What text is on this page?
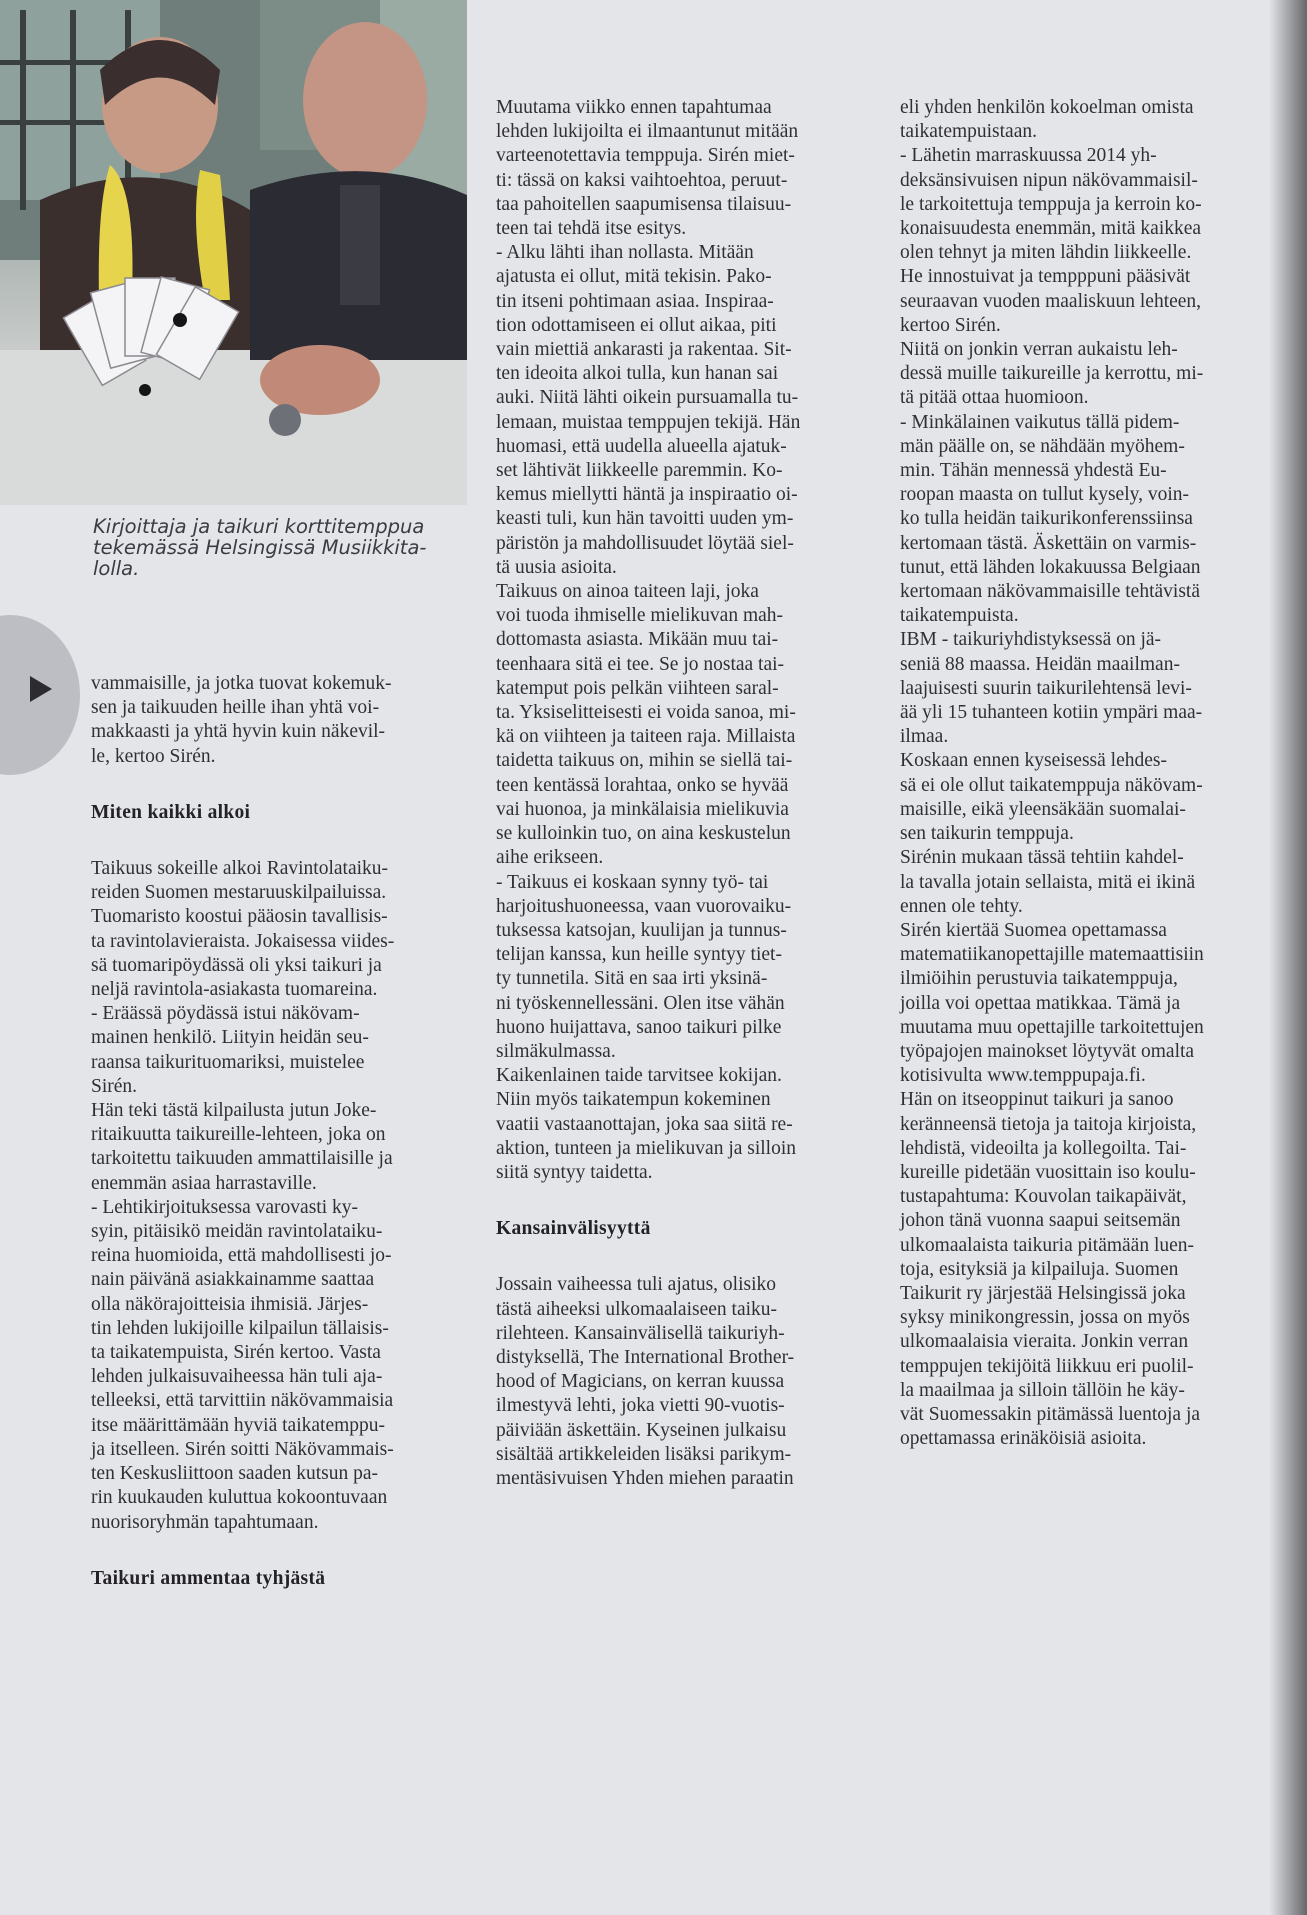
Kirjoittaja ja taikuri korttitemppua
tekemässä Helsingissä Musiikkita-
lolla.

vammaisille, ja jotka tuovat kokemuk-
sen ja taikuuden heille ihan yhtä voi-
makkaasti ja yhtä hyvin kuin näkevil-
le, kertoo Sirén.

Miten kaikki alkoi

Taikuus sokeille alkoi Ravintolataiku-
reiden Suomen mestaruuskilpailuissa.
Tuomaristo koostui pääosin tavallisis-
ta ravintolavieraista. Jokaisessa viides-
sä tuomaripöydässä oli yksi taikuri ja
neljä ravintola-asiakasta tuomareina.
- Eräässä pöydässä istui näkövam-
mainen henkilö. Liityin heidän seu-
raansa taikurituomariksi, muistelee
Sirén.
Hän teki tästä kilpailusta jutun Joke-
ritaikuutta taikureille-lehteen, joka on
tarkoitettu taikuuden ammattilaisille ja
enemmän asiaa harrastaville.
- Lehtikirjoituksessa varovasti ky-
syin, pitäisikö meidän ravintolataiku-
reina huomioida, että mahdollisesti jo-
nain päivänä asiakkainamme saattaa
olla näkörajoitteisia ihmisiä. Järjes-
tin lehden lukijoille kilpailun tällaisis-
ta taikatempuista, Sirén kertoo. Vasta
lehden julkaisuvaiheessa hän tuli aja-
telleeksi, että tarvittiin näkövammaisia
itse määrittämään hyviä taikatemppu-
ja itselleen. Sirén soitti Näkövammais-
ten Keskusliittoon saaden kutsun pa-
rin kuukauden kuluttua kokoontuvaan
nuorisoryhmän tapahtumaan.

Taikuri ammentaa tyhjästä

Muutama viikko ennen tapahtumaa
lehden lukijoilta ei ilmaantunut mitään
varteenotettavia temppuja. Sirén miet-
ti: tässä on kaksi vaihtoehtoa, peruut-
taa pahoitellen saapumisensa tilaisuu-
teen tai tehdä itse esitys.
- Alku lähti ihan nollasta. Mitään
ajatusta ei ollut, mitä tekisin. Pako-
tin itseni pohtimaan asiaa. Inspiraa-
tion odottamiseen ei ollut aikaa, piti
vain miettiä ankarasti ja rakentaa. Sit-
ten ideoita alkoi tulla, kun hanan sai
auki. Niitä lähti oikein pursuamalla tu-
lemaan, muistaa temppujen tekijä. Hän
huomasi, että uudella alueella ajatuk-
set lähtivät liikkeelle paremmin. Ko-
kemus miellytti häntä ja inspiraatio oi-
keasti tuli, kun hän tavoitti uuden ym-
päristön ja mahdollisuudet löytää siel-
tä uusia asioita.
Taikuus on ainoa taiteen laji, joka
voi tuoda ihmiselle mielikuvan mah-
dottomasta asiasta. Mikään muu tai-
teenhaara sitä ei tee. Se jo nostaa tai-
katemput pois pelkän viihteen saral-
ta. Yksiselitteisesti ei voida sanoa, mi-
kä on viihteen ja taiteen raja. Millaista
taidetta taikuus on, mihin se siellä tai-
teen kentässä lorahtaa, onko se hyvää
vai huonoa, ja minkälaisia mielikuvia
se kulloinkin tuo, on aina keskustelun
aihe erikseen.
- Taikuus ei koskaan synny työ- tai
harjoitushuoneessa, vaan vuorovaiku-
tuksessa katsojan, kuulijan ja tunnus-
telijan kanssa, kun heille syntyy tiet-
ty tunnetila. Sitä en saa irti yksinä-
ni työskennellessäni. Olen itse vähän
huono huijattava, sanoo taikuri pilke
silmäkulmassa.
Kaikenlainen taide tarvitsee kokijan.
Niin myös taikatempun kokeminen
vaatii vastaanottajan, joka saa siitä re-
aktion, tunteen ja mielikuvan ja silloin
siitä syntyy taidetta.

Kansainvälisyyttä

Jossain vaiheessa tuli ajatus, olisiko
tästä aiheeksi ulkomaalaiseen taiku-
rilehteen. Kansainvälisellä taikuriyh-
distyksellä, The International Brother-
hood of Magicians, on kerran kuussa
ilmestyvä lehti, joka vietti 90-vuotis-
päiviään äskettäin. Kyseinen julkaisu
sisältää artikkeleiden lisäksi parikym-
mentäsivuisen Yhden miehen paraatin

eli yhden henkilön kokoelman omista
taikatempuistaan.
- Lähetin marraskuussa 2014 yh-
deksänsivuisen nipun näkövammaisil-
le tarkoitettuja temppuja ja kerroin ko-
konaisuudesta enemmän, mitä kaikkea
olen tehnyt ja miten lähdin liikkeelle.
He innostuivat ja tempppuni pääsivät
seuraavan vuoden maaliskuun lehteen,
kertoo Sirén.
Niitä on jonkin verran aukaistu leh-
dessä muille taikureille ja kerrottu, mi-
tä pitää ottaa huomioon.
- Minkälainen vaikutus tällä pidem-
män päälle on, se nähdään myöhem-
min. Tähän mennessä yhdestä Eu-
roopan maasta on tullut kysely, voin-
ko tulla heidän taikurikonferenssiinsa
kertomaan tästä. Äskettäin on varmis-
tunut, että lähden lokakuussa Belgiaan
kertomaan näkövammaisille tehtävistä
taikatempuista.
IBM - taikuriyhdistyksessä on jä-
seniä 88 maassa. Heidän maailman-
laajuisesti suurin taikurilehtensä levi-
ää yli 15 tuhanteen kotiin ympäri maa-
ilmaa.
Koskaan ennen kyseisessä lehdes-
sä ei ole ollut taikatemppuja näkövam-
maisille, eikä yleensäkään suomalai-
sen taikurin temppuja.
Sirénin mukaan tässä tehtiin kahdel-
la tavalla jotain sellaista, mitä ei ikinä
ennen ole tehty.
Sirén kiertää Suomea opettamassa
matematiikanopettajille matemaattisiin
ilmiöihin perustuvia taikatemppuja,
joilla voi opettaa matikkaa. Tämä ja
muutama muu opettajille tarkoitettujen
työpajojen mainokset löytyvät omalta
kotisivulta www.temppupaja.fi.
Hän on itseoppinut taikuri ja sanoo
keränneensä tietoja ja taitoja kirjoista,
lehdistä, videoilta ja kollegoilta. Tai-
kureille pidetään vuosittain iso koulu-
tustapahtuma: Kouvolan taikapäivät,
johon tänä vuonna saapui seitsemän
ulkomaalaista taikuria pitämään luen-
toja, esityksiä ja kilpailuja. Suomen
Taikurit ry järjestää Helsingissä joka
syksy minikongressin, jossa on myös
ulkomaalaisia vieraita. Jonkin verran
temppujen tekijöitä liikkuu eri puolil-
la maailmaa ja silloin tällöin he käy-
vät Suomessakin pitämässä luentoja ja
opettamassa erinäköisiä asioita.
